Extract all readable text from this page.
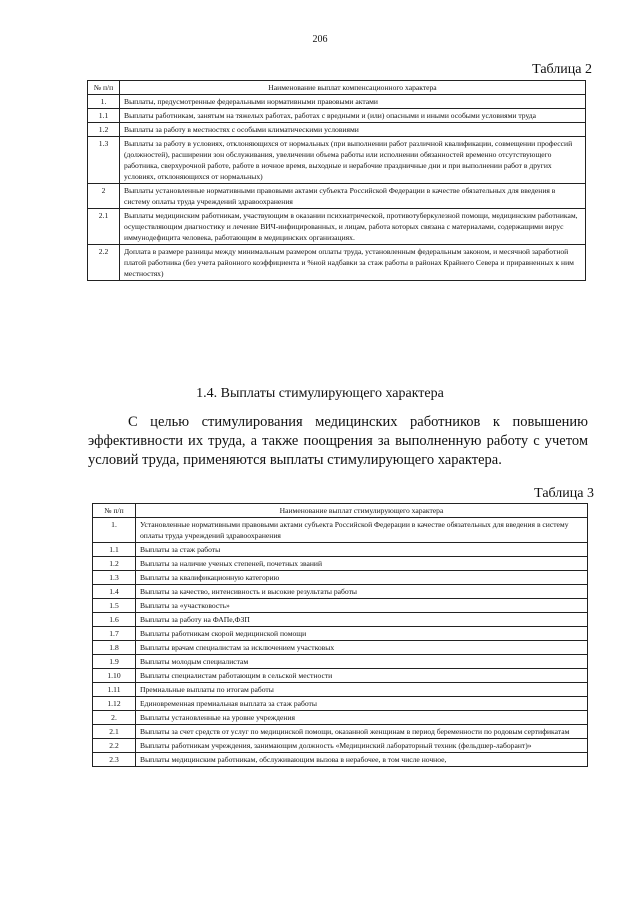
206
Таблица 2
№ п/п	Наименование выплат компенсационного характера
1.	Выплаты, предусмотренные федеральными нормативными правовыми актами
1.1	Выплаты работникам, занятым на тяжелых работах, работах с вредными и (или) опасными и иными особыми условиями труда
1.2	Выплаты за работу в местностях с особыми климатическими условиями
1.3	Выплаты за работу в условиях, отклоняющихся от нормальных (при выполнении работ различной квалификации, совмещении профессий (должностей), расширении зон обслуживания, увеличении объема работы или исполнении обязанностей временно отсутствующего работника, сверхурочной работе, работе в ночное время, выходные и нерабочие праздничные дни и при выполнении работ в других условиях, отклоняющихся от нормальных)
2	Выплаты установленные нормативными правовыми актами субъекта Российской Федерации в качестве обязательных для введения в систему оплаты труда учреждений здравоохранения
2.1	Выплаты медицинским работникам, участвующим в оказании психиатрической, противотуберкулезной помощи, медицинским работникам, осуществляющим диагностику и лечение ВИЧ-инфицированных, и лицам, работа которых связана с материалами, содержащими вирус иммунодефицита человека, работающим в медицинских организациях.
2.2	Доплата в размере разницы между минимальным размером оплаты труда, установленным федеральным законом, и месячной заработной платой работника (без учета районного коэффициента и %ной надбавки за стаж работы в районах Крайнего Севера и приравненных к ним местностях)
1.4. Выплаты стимулирующего характера
С целью стимулирования медицинских работников к повышению эффективности их труда, а также поощрения за выполненную работу с учетом условий труда, применяются выплаты стимулирующего характера.
Таблица 3
№ п/п	Наименование выплат стимулирующего характера
1.	Установленные нормативными правовыми актами субъекта Российской Федерации в качестве обязательных для введения в систему оплаты труда учреждений здравоохранения
1.1	Выплаты за стаж работы
1.2	Выплаты за наличие ученых степеней, почетных званий
1.3	Выплаты за квалификационную категорию
1.4	Выплаты за качество, интенсивность и высокие результаты работы
1.5	Выплаты за «участковость»
1.6	Выплаты за работу на ФАПе,ФЗП
1.7	Выплаты работникам скорой медицинской помощи
1.8	Выплаты врачам специалистам за исключением участковых
1.9	Выплаты молодым специалистам
1.10	Выплаты специалистам работающим в сельской местности
1.11	Премиальные выплаты по итогам работы
1.12	Единовременная премиальная выплата за стаж работы
2.	Выплаты установленные на уровне учреждения
2.1	Выплаты за счет средств от услуг по медицинской помощи, оказанной женщинам в период беременности по родовым сертификатам
2.2	Выплаты работникам учреждения, занимающим должность «Медицинский лабораторный техник (фельдшер-лаборант)»
2.3	Выплаты медицинским работникам, обслуживающим вызова в нерабочее, в том числе ночное,
